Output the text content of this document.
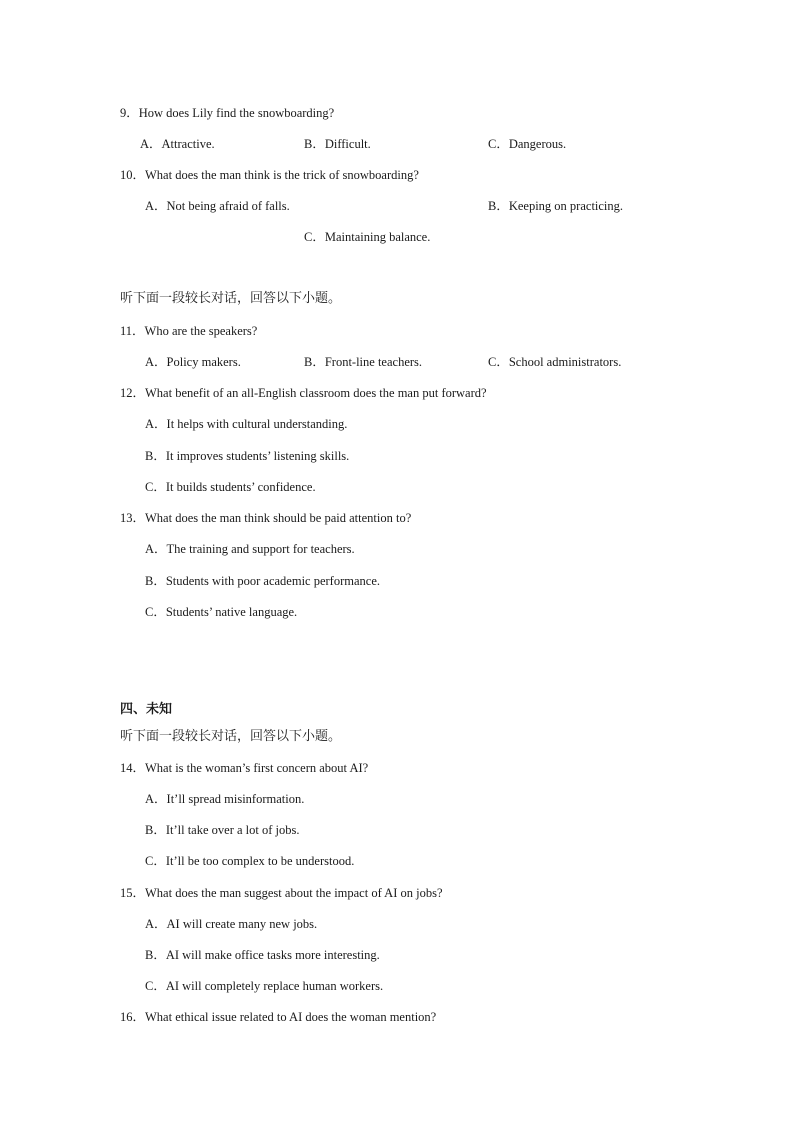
9．How does Lily find the snowboarding?
A．Attractive.	B．Difficult.	C．Dangerous.
10．What does the man think is the trick of snowboarding?
A．Not being afraid of falls.	B．Keeping on practicing.
C．Maintaining balance.
听下面一段较长对话，回答以下小题。
11．Who are the speakers?
A．Policy makers.	B．Front-line teachers.	C．School administrators.
12．What benefit of an all-English classroom does the man put forward?
A．It helps with cultural understanding.
B．It improves students’ listening skills.
C．It builds students’ confidence.
13．What does the man think should be paid attention to?
A．The training and support for teachers.
B．Students with poor academic performance.
C．Students’ native language.
四、未知
听下面一段较长对话，回答以下小题。
14．What is the woman’s first concern about AI?
A．It’ll spread misinformation.
B．It’ll take over a lot of jobs.
C．It’ll be too complex to be understood.
15．What does the man suggest about the impact of AI on jobs?
A．AI will create many new jobs.
B．AI will make office tasks more interesting.
C．AI will completely replace human workers.
16．What ethical issue related to AI does the woman mention?
